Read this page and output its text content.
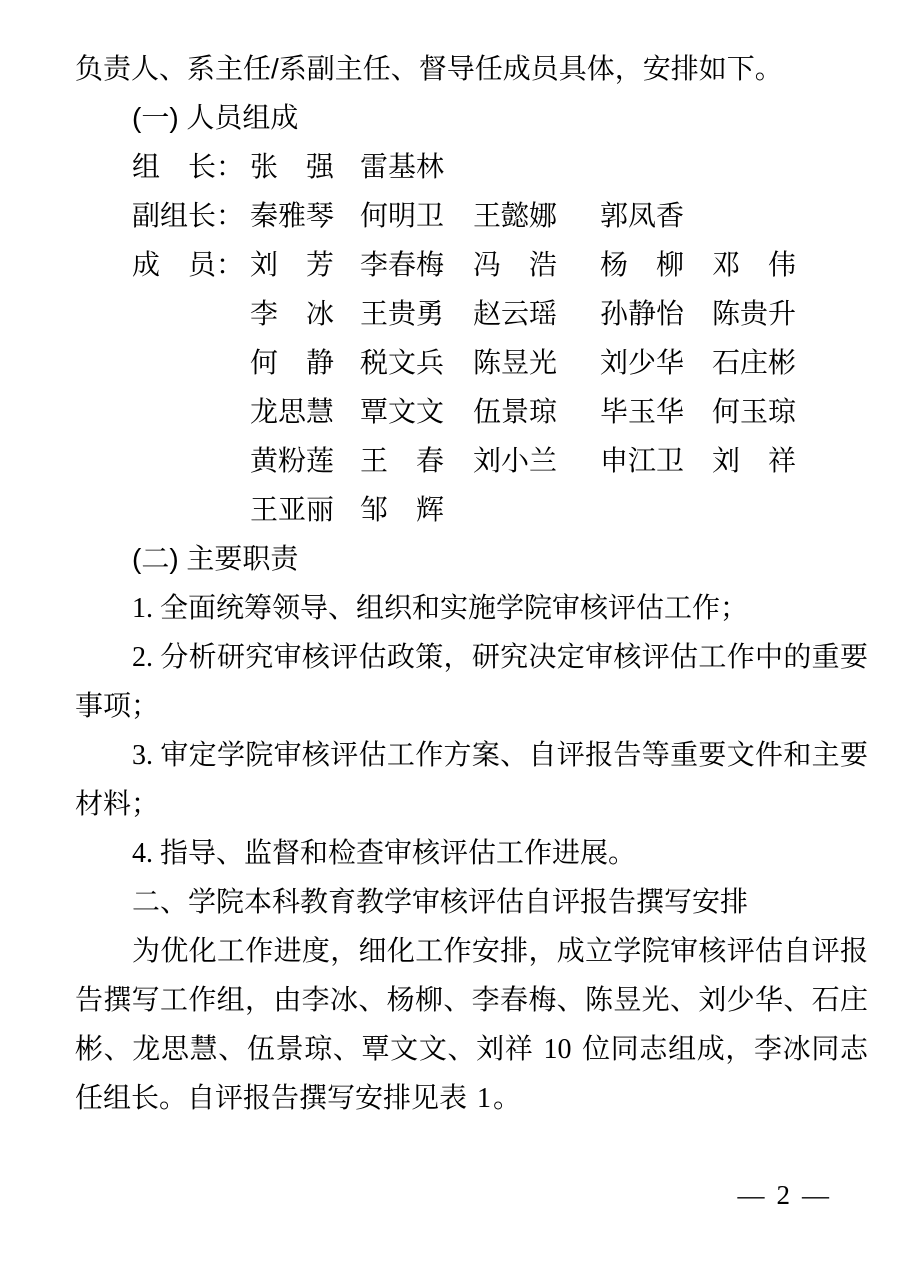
负责人、系主任/系副主任、督导任成员具体，安排如下。
(一) 人员组成
组　长： 张　强 雷基林
副组长： 秦雅琴 何明卫	王懿娜	郭凤香
成　员： 刘　芳 李春梅	冯　浩	杨　柳 邓　伟
李　冰 王贵勇	赵云瑶	孙静怡 陈贵升
何　静 税文兵	陈昱光	刘少华 石庄彬
龙思慧 覃文文	伍景琼	毕玉华 何玉琼
黄粉莲 王　春	刘小兰	申江卫 刘　祥
王亚丽 邹　辉
(二) 主要职责
1. 全面统筹领导、组织和实施学院审核评估工作；
2. 分析研究审核评估政策，研究决定审核评估工作中的重要
事项；
3. 审定学院审核评估工作方案、自评报告等重要文件和主要
材料；
4. 指导、监督和检查审核评估工作进展。
二、学院本科教育教学审核评估自评报告撰写安排
为优化工作进度，细化工作安排，成立学院审核评估自评报
告撰写工作组，由李冰、杨柳、李春梅、陈昱光、刘少华、石庄
彬、龙思慧、伍景琼、覃文文、刘祥 10 位同志组成，李冰同志
任组长。自评报告撰写安排见表 1。
— 2 —
